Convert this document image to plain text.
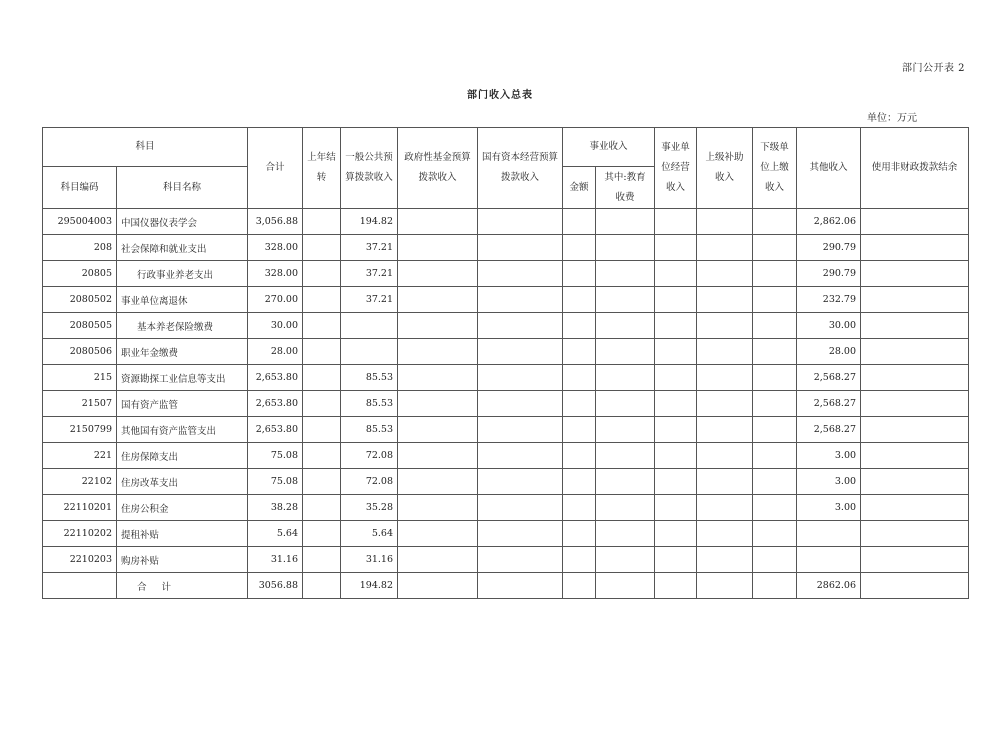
部门公开表 2
部门收入总表
单位：万元
科目		合计	上年结转	一般公共预算拨款收入	政府性基金预算拨款收入	国有资本经营预算拨款收入	事业收入		事业单位经营收入	上级补助收入	下级单位上缴收入	其他收入	使用非财政拨款结余
科目编码	科目名称						金额	其中:教育收费					
295004003	中国仪器仪表学会	3,056.88		194.82								2,862.06	
208	社会保障和就业支出	328.00		37.21								290.79	
20805	行政事业养老支出	328.00		37.21								290.79	
2080502	事业单位离退休	270.00		37.21								232.79	
2080505	基本养老保险缴费	30.00										30.00	
2080506	职业年金缴费	28.00										28.00	
215	资源勘探工业信息等支出	2,653.80		85.53								2,568.27	
21507	国有资产监管	2,653.80		85.53								2,568.27	
2150799	其他国有资产监管支出	2,653.80		85.53								2,568.27	
221	住房保障支出	75.08		72.08								3.00	
22102	住房改革支出	75.08		72.08								3.00	
22110201	住房公积金	38.28		35.28								3.00	
22110202	提租补贴	5.64		5.64									
2210203	购房补贴	31.16		31.16									
	合 计	3056.88		194.82								2862.06	
